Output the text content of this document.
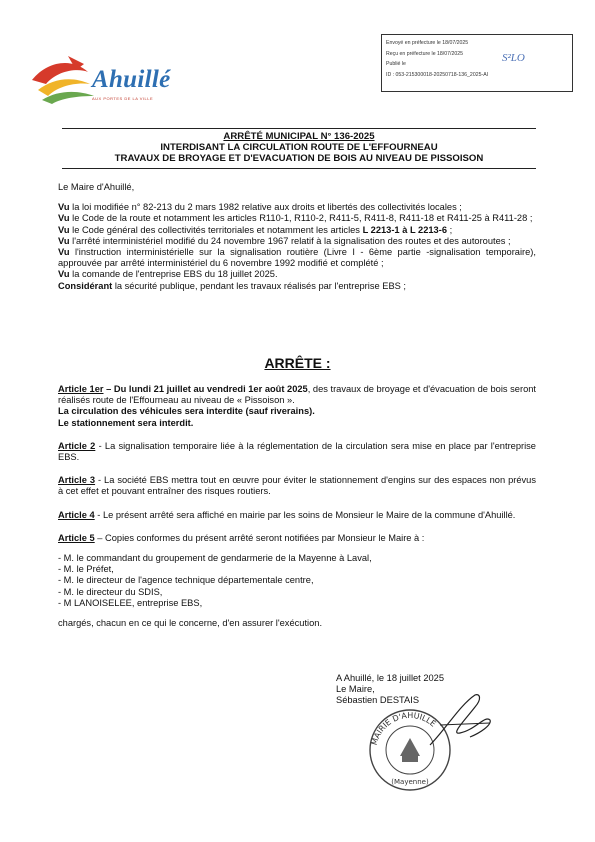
Ahuillé
AUX PORTES DE LA VILLE
Envoyé en préfecture le 18/07/2025
Reçu en préfecture le 18/07/2025
Publié le
ID : 053-215300018-20250718-136_2025-AI
S²LO
ARRÊTÉ MUNICIPAL N° 136-2025
INTERDISANT LA CIRCULATION ROUTE DE L'EFFOURNEAU
TRAVAUX DE BROYAGE ET D'EVACUATION DE BOIS AU NIVEAU DE PISSOISON

Le Maire d'Ahuillé,

Vu la loi modifiée n° 82-213 du 2 mars 1982 relative aux droits et libertés des collectivités locales ;

Vu le Code de la route et notamment les articles R110-1, R110-2, R411-5, R411-8, R411-18 et R411-25 à R411-28 ;

Vu le Code général des collectivités territoriales et notamment les articles L 2213-1 à L 2213-6 ;

Vu l'arrêté interministériel modifié du 24 novembre 1967 relatif à la signalisation des routes et des autoroutes ;

Vu l'instruction interministérielle sur la signalisation routière (Livre I - 6ème partie -signalisation temporaire), approuvée par arrêté interministériel du 6 novembre 1992 modifié et complété ;

Vu la comande de l'entreprise EBS du 18 juillet 2025.

Considérant la sécurité publique, pendant les travaux réalisés par l'entreprise EBS ;

ARRÊTE :

Article 1er – Du lundi 21 juillet au vendredi 1er août 2025, des travaux de broyage et d'évacuation de bois seront réalisés route de l'Effourneau au niveau de « Pissoison ».

La circulation des véhicules sera interdite (sauf riverains).

Le stationnement sera interdit.

Article 2 - La signalisation temporaire liée à la réglementation de la circulation sera mise en place par l'entreprise EBS.

Article 3 - La société EBS mettra tout en œuvre pour éviter le stationnement d'engins sur des espaces non prévus à cet effet et pouvant entraîner des risques routiers.

Article 4 - Le présent arrêté sera affiché en mairie par les soins de Monsieur le Maire de la commune d'Ahuillé.

Article 5 – Copies conformes du présent arrêté seront notifiées par Monsieur le Maire à :

- M. le commandant du groupement de gendarmerie de la Mayenne à Laval,
- M. le Préfet,
- M. le directeur de l'agence technique départementale centre,
- M. le directeur du SDIS,
- M LANOISELEE, entreprise EBS,

chargés, chacun en ce qui le concerne, d'en assurer l'exécution.

A Ahuillé, le 18 juillet 2025
Le Maire,
Sébastien DESTAIS
MAIRIE D'AHUILLÉ
(Mayenne)
